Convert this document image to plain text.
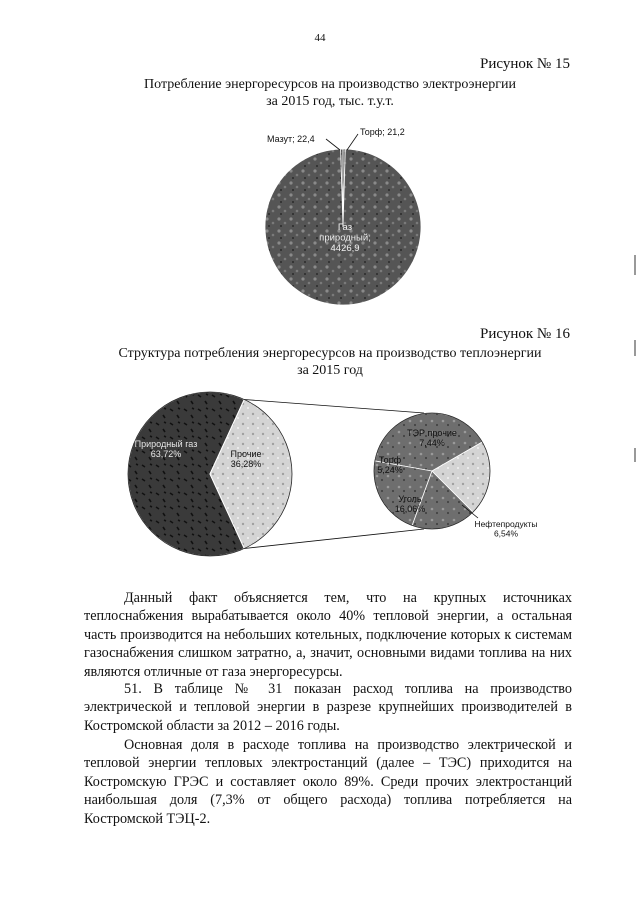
44
Рисунок № 15
Потребление энергоресурсов на производство электроэнергии
за 2015 год, тыс. т.у.т.
Мазут; 22,4
Торф; 21,2
Газ природный; 4426,9
Природный газ 63,72%	Прочие 36,28%
ТЭР прочие 7,44%
Торф 5,24%
Уголь 16,06%
Нефтепродукты 6,54%
Рисунок № 16
Структура потребления энергоресурсов на производство теплоэнергии
за 2015 год

Данный факт объясняется тем, что на крупных источниках теплоснабжения вырабатывается около 40% тепловой энергии, а остальная часть производится на небольших котельных, подключение которых к системам газоснабжения слишком затратно, а, значит, основными видами топлива на них являются отличные от газа энергоресурсы.

51. В таблице № 31 показан расход топлива на производство электрической и тепловой энергии в разрезе крупнейших производителей в Костромской области за 2012 – 2016 годы.

Основная доля в расходе топлива на производство электрической и тепловой энергии тепловых электростанций (далее – ТЭС) приходится на Костромскую ГРЭС и составляет около 89%. Среди прочих электростанций наибольшая доля (7,3% от общего расхода) топлива потребляется на Костромской ТЭЦ-2.
